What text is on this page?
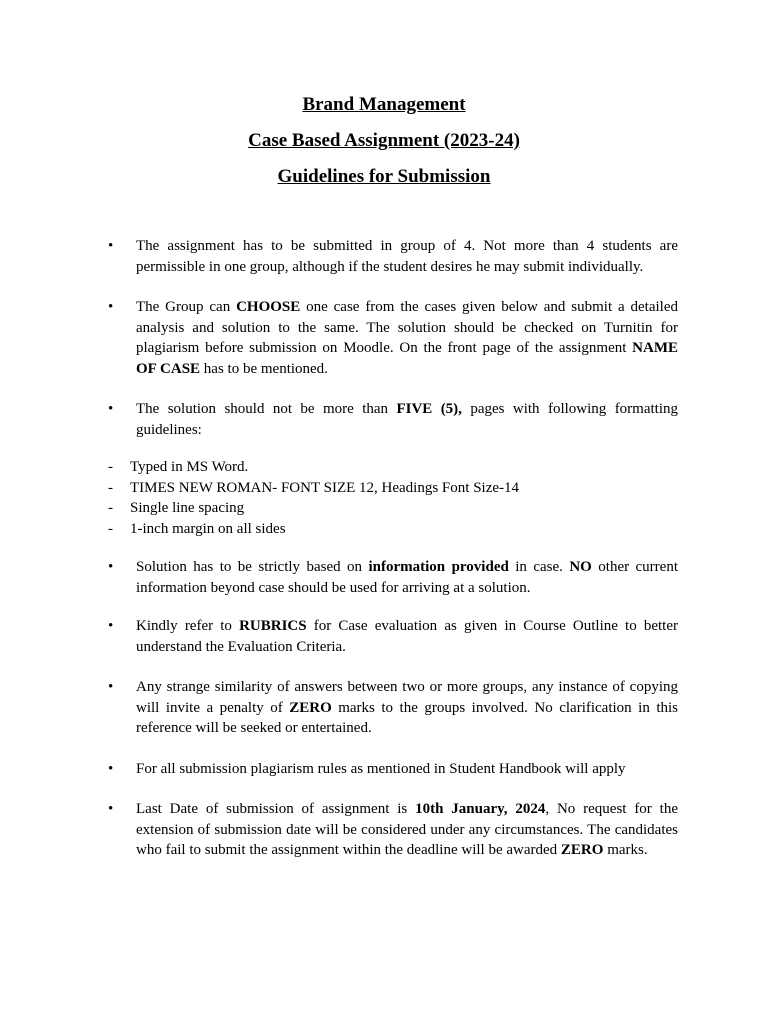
Brand Management
Case Based Assignment (2023-24)
Guidelines for Submission
• The assignment has to be submitted in group of 4. Not more than 4 students are permissible in one group, although if the student desires he may submit individually.
• The Group can CHOOSE one case from the cases given below and submit a detailed analysis and solution to the same. The solution should be checked on Turnitin for plagiarism before submission on Moodle. On the front page of the assignment NAME OF CASE has to be mentioned.
• The solution should not be more than FIVE (5), pages with following formatting guidelines:
- Typed in MS Word.
- TIMES NEW ROMAN- FONT SIZE 12, Headings Font Size-14
- Single line spacing
- 1-inch margin on all sides
• Solution has to be strictly based on information provided in case. NO other current information beyond case should be used for arriving at a solution.
• Kindly refer to RUBRICS for Case evaluation as given in Course Outline to better understand the Evaluation Criteria.
• Any strange similarity of answers between two or more groups, any instance of copying will invite a penalty of ZERO marks to the groups involved. No clarification in this reference will be seeked or entertained.
• For all submission plagiarism rules as mentioned in Student Handbook will apply
• Last Date of submission of assignment is 10th January, 2024, No request for the extension of submission date will be considered under any circumstances. The candidates who fail to submit the assignment within the deadline will be awarded ZERO marks.
